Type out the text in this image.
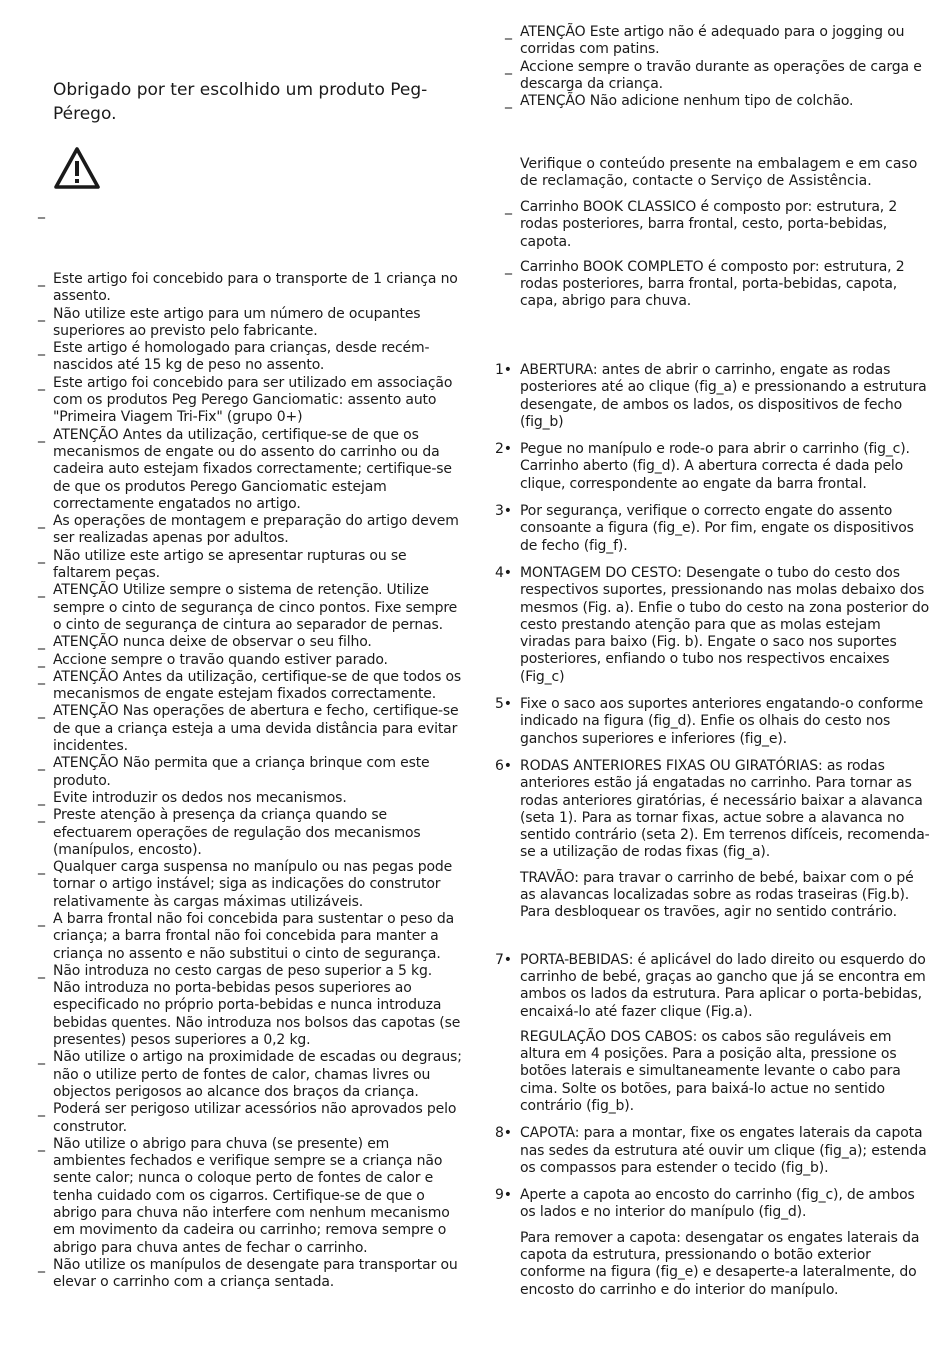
Obrigado por ter escolhido um produto Peg-Pérego.
_
_ Este artigo foi concebido para o transporte de 1 criança no assento.
_ Não utilize este artigo para um número de ocupantes superiores ao previsto pelo fabricante.
_ Este artigo é homologado para crianças, desde recém-nascidos até 15 kg de peso no assento.
_ Este artigo foi concebido para ser utilizado em associação com os produtos Peg Perego Ganciomatic: assento auto "Primeira Viagem Tri-Fix" (grupo 0+)
_ ATENÇÃO Antes da utilização, certifique-se de que os mecanismos de engate ou do assento do carrinho ou da cadeira auto estejam fixados correctamente; certifique-se de que os produtos Perego Ganciomatic estejam correctamente engatados no artigo.
_ As operações de montagem e preparação do artigo devem ser realizadas apenas por adultos.
_ Não utilize este artigo se apresentar rupturas ou se faltarem peças.
_ ATENÇÃO Utilize sempre o sistema de retenção. Utilize sempre o cinto de segurança de cinco pontos. Fixe sempre o cinto de segurança de cintura ao separador de pernas.
_ ATENÇÃO nunca deixe de observar o seu filho.
_ Accione sempre o travão quando estiver parado.
_ ATENÇÃO Antes da utilização, certifique-se de que todos os mecanismos de engate estejam fixados correctamente.
_ ATENÇÃO Nas operações de abertura e fecho, certifique-se de que a criança esteja a uma devida distância para evitar incidentes.
_ ATENÇÃO Não permita que a criança brinque com este produto.
_ Evite introduzir os dedos nos mecanismos.
_ Preste atenção à presença da criança quando se efectuarem operações de regulação dos mecanismos (manípulos, encosto).
_ Qualquer carga suspensa no manípulo ou nas pegas pode tornar o artigo instável; siga as indicações do construtor relativamente às cargas máximas utilizáveis.
_ A barra frontal não foi concebida para sustentar o peso da criança; a barra frontal não foi concebida para manter a criança no assento e não substitui o cinto de segurança.
_ Não introduza no cesto cargas de peso superior a 5 kg. Não introduza no porta-bebidas pesos superiores ao especificado no próprio porta-bebidas e nunca introduza bebidas quentes. Não introduza nos bolsos das capotas (se presentes) pesos superiores a 0,2 kg.
_ Não utilize o artigo na proximidade de escadas ou degraus; não o utilize perto de fontes de calor, chamas livres ou objectos perigosos ao alcance dos braços da criança.
_ Poderá ser perigoso utilizar acessórios não aprovados pelo construtor.
_ Não utilize o abrigo para chuva (se presente) em ambientes fechados e verifique sempre se a criança não sente calor; nunca o coloque perto de fontes de calor e tenha cuidado com os cigarros. Certifique-se de que o abrigo para chuva não interfere com nenhum mecanismo em movimento da cadeira ou carrinho; remova sempre o abrigo para chuva antes de fechar o carrinho.
_ Não utilize os manípulos de desengate para transportar ou elevar o carrinho com a criança sentada.
_ ATENÇÃO Este artigo não é adequado para o jogging ou corridas com patins.
_ Accione sempre o travão durante as operações de carga e descarga da criança.
_ ATENÇÃO Não adicione nenhum tipo de colchão.
Verifique o conteúdo presente na embalagem e em caso de reclamação, contacte o Serviço de Assistência.
_ Carrinho BOOK CLASSICO é composto por: estrutura, 2 rodas posteriores, barra frontal, cesto, porta-bebidas, capota.
_ Carrinho BOOK COMPLETO é composto por: estrutura, 2 rodas posteriores, barra frontal, porta-bebidas, capota, capa, abrigo para chuva.
1• ABERTURA: antes de abrir o carrinho, engate as rodas posteriores até ao clique (fig_a) e pressionando a estrutura desengate, de ambos os lados, os dispositivos de fecho (fig_b)
2• Pegue no manípulo e rode-o para abrir o carrinho (fig_c). Carrinho aberto (fig_d). A abertura correcta é dada pelo clique, correspondente ao engate da barra frontal.
3• Por segurança, verifique o correcto engate do assento consoante a figura (fig_e). Por fim, engate os dispositivos de fecho (fig_f).
4• MONTAGEM DO CESTO: Desengate o tubo do cesto dos respectivos suportes, pressionando nas molas debaixo dos mesmos (Fig. a). Enfie o tubo do cesto na zona posterior do cesto prestando atenção para que as molas estejam viradas para baixo (Fig. b). Engate o saco nos suportes posteriores, enfiando o tubo nos respectivos encaixes (Fig_c)
5• Fixe o saco aos suportes anteriores engatando-o conforme indicado na figura (fig_d). Enfie os olhais do cesto nos ganchos superiores e inferiores (fig_e).
6• RODAS ANTERIORES FIXAS OU GIRATÓRIAS: as rodas anteriores estão já engatadas no carrinho. Para tornar as rodas anteriores giratórias, é necessário baixar a alavanca (seta 1). Para as tornar fixas, actue sobre a alavanca no sentido contrário (seta 2). Em terrenos difíceis, recomenda-se a utilização de rodas fixas (fig_a).
TRAVÃO: para travar o carrinho de bebé, baixar com o pé as alavancas localizadas sobre as rodas traseiras (Fig.b). Para desbloquear os travões, agir no sentido contrário.
7• PORTA-BEBIDAS: é aplicável do lado direito ou esquerdo do carrinho de bebé, graças ao gancho que já se encontra em ambos os lados da estrutura. Para aplicar o porta-bebidas, encaixá-lo até fazer clique (Fig.a).
REGULAÇÃO DOS CABOS: os cabos são reguláveis em altura em 4 posições. Para a posição alta, pressione os botões laterais e simultaneamente levante o cabo para cima. Solte os botões, para baixá-lo actue no sentido contrário (fig_b).
8• CAPOTA: para a montar, fixe os engates laterais da capota nas sedes da estrutura até ouvir um clique (fig_a); estenda os compassos para estender o tecido (fig_b).
9• Aperte a capota ao encosto do carrinho (fig_c), de ambos os lados e no interior do manípulo (fig_d).
Para remover a capota: desengatar os engates laterais da capota da estrutura, pressionando o botão exterior conforme na figura (fig_e) e desaperte-a lateralmente, do encosto do carrinho e do interior do manípulo.
